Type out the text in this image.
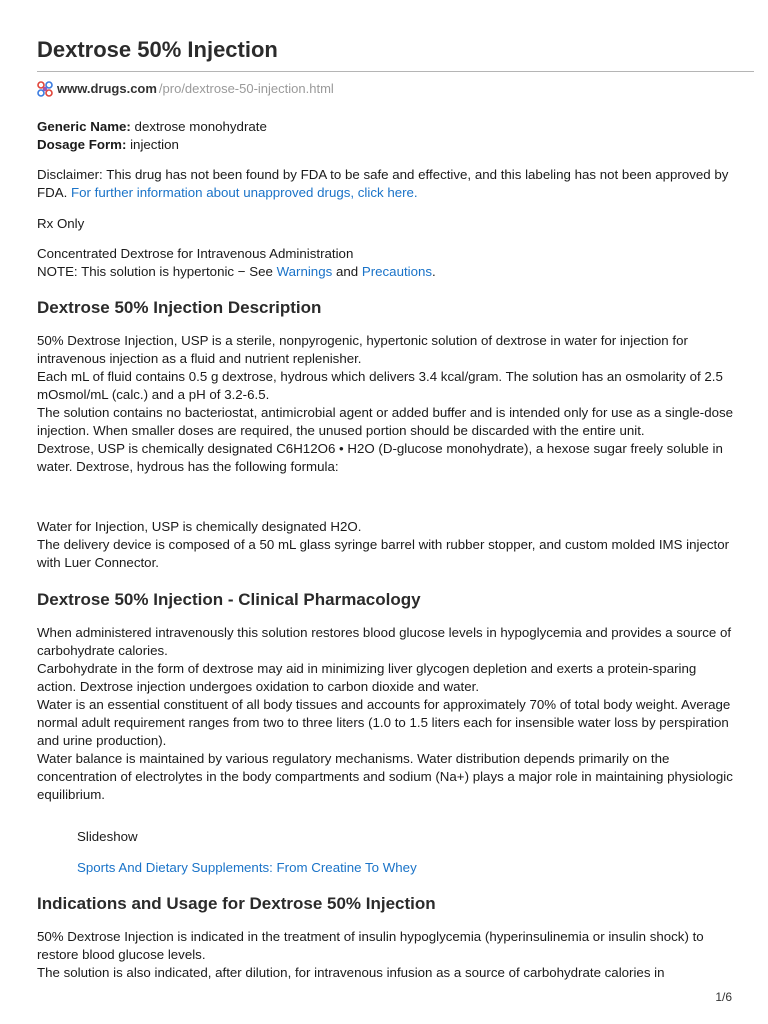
Dextrose 50% Injection
www.drugs.com /pro/dextrose-50-injection.html

Generic Name: dextrose monohydrate

Dosage Form: injection

Disclaimer: This drug has not been found by FDA to be safe and effective, and this labeling has not been approved by FDA. For further information about unapproved drugs, click here.

Rx Only

Concentrated Dextrose for Intravenous Administration

NOTE: This solution is hypertonic − See Warnings and Precautions.

Dextrose 50% Injection Description

50% Dextrose Injection, USP is a sterile, nonpyrogenic, hypertonic solution of dextrose in water for injection for intravenous injection as a fluid and nutrient replenisher.

Each mL of fluid contains 0.5 g dextrose, hydrous which delivers 3.4 kcal/gram. The solution has an osmolarity of 2.5 mOsmol/mL (calc.) and a pH of 3.2-6.5.

The solution contains no bacteriostat, antimicrobial agent or added buffer and is intended only for use as a single-dose injection. When smaller doses are required, the unused portion should be discarded with the entire unit.

Dextrose, USP is chemically designated C6H12O6 • H2O (D-glucose monohydrate), a hexose sugar freely soluble in water. Dextrose, hydrous has the following formula:

Water for Injection, USP is chemically designated H2O.

The delivery device is composed of a 50 mL glass syringe barrel with rubber stopper, and custom molded IMS injector with Luer Connector.

Dextrose 50% Injection - Clinical Pharmacology

When administered intravenously this solution restores blood glucose levels in hypoglycemia and provides a source of carbohydrate calories.

Carbohydrate in the form of dextrose may aid in minimizing liver glycogen depletion and exerts a protein-sparing action. Dextrose injection undergoes oxidation to carbon dioxide and water.

Water is an essential constituent of all body tissues and accounts for approximately 70% of total body weight. Average normal adult requirement ranges from two to three liters (1.0 to 1.5 liters each for insensible water loss by perspiration and urine production).

Water balance is maintained by various regulatory mechanisms. Water distribution depends primarily on the concentration of electrolytes in the body compartments and sodium (Na+) plays a major role in maintaining physiologic equilibrium.

Slideshow

Sports And Dietary Supplements: From Creatine To Whey

Indications and Usage for Dextrose 50% Injection

50% Dextrose Injection is indicated in the treatment of insulin hypoglycemia (hyperinsulinemia or insulin shock) to restore blood glucose levels.

The solution is also indicated, after dilution, for intravenous infusion as a source of carbohydrate calories in

1/6
